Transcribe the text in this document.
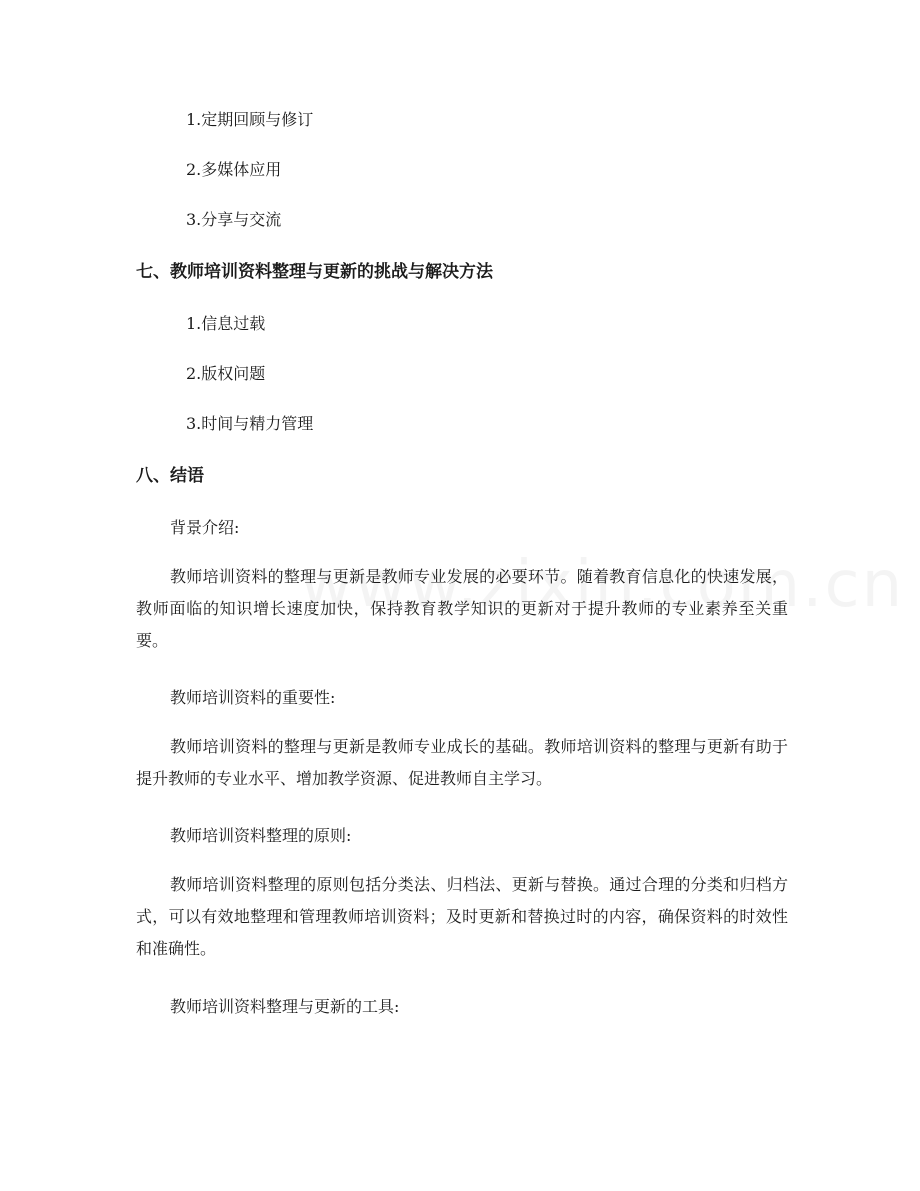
1.定期回顾与修订
2.多媒体应用
3.分享与交流
七、教师培训资料整理与更新的挑战与解决方法
1.信息过载
2.版权问题
3.时间与精力管理
八、结语
背景介绍:
教师培训资料的整理与更新是教师专业发展的必要环节。随着教育信息化的快速发展，教师面临的知识增长速度加快，保持教育教学知识的更新对于提升教师的专业素养至关重要。
教师培训资料的重要性:
教师培训资料的整理与更新是教师专业成长的基础。教师培训资料的整理与更新有助于提升教师的专业水平、增加教学资源、促进教师自主学习。
教师培训资料整理的原则:
教师培训资料整理的原则包括分类法、归档法、更新与替换。通过合理的分类和归档方式，可以有效地整理和管理教师培训资料；及时更新和替换过时的内容，确保资料的时效性和准确性。
教师培训资料整理与更新的工具:
